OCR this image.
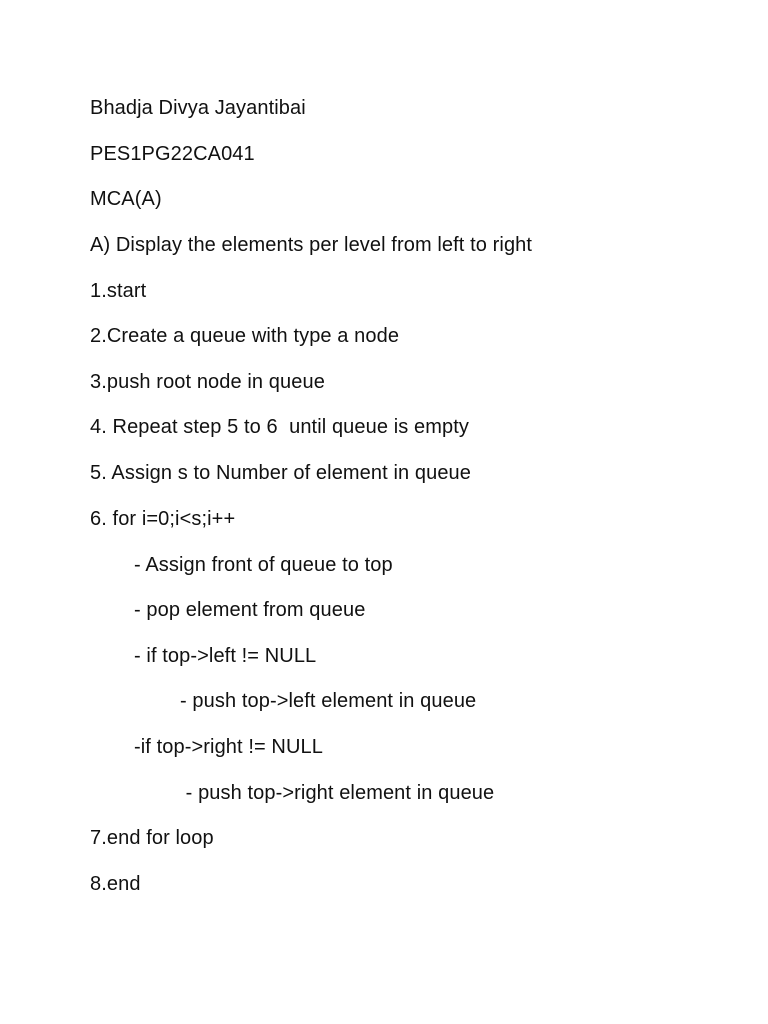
Bhadja Divya Jayantibai

PES1PG22CA041

MCA(A)

A) Display the elements per level from left to right

1.start

2.Create a queue with type a node

3.push root node in queue

4. Repeat step 5 to 6  until queue is empty

5. Assign s to Number of element in queue

6. for i=0;i<s;i++

- Assign front of queue to top

- pop element from queue

- if top->left != NULL

- push top->left element in queue

-if top->right != NULL

- push top->right element in queue

7.end for loop

8.end
